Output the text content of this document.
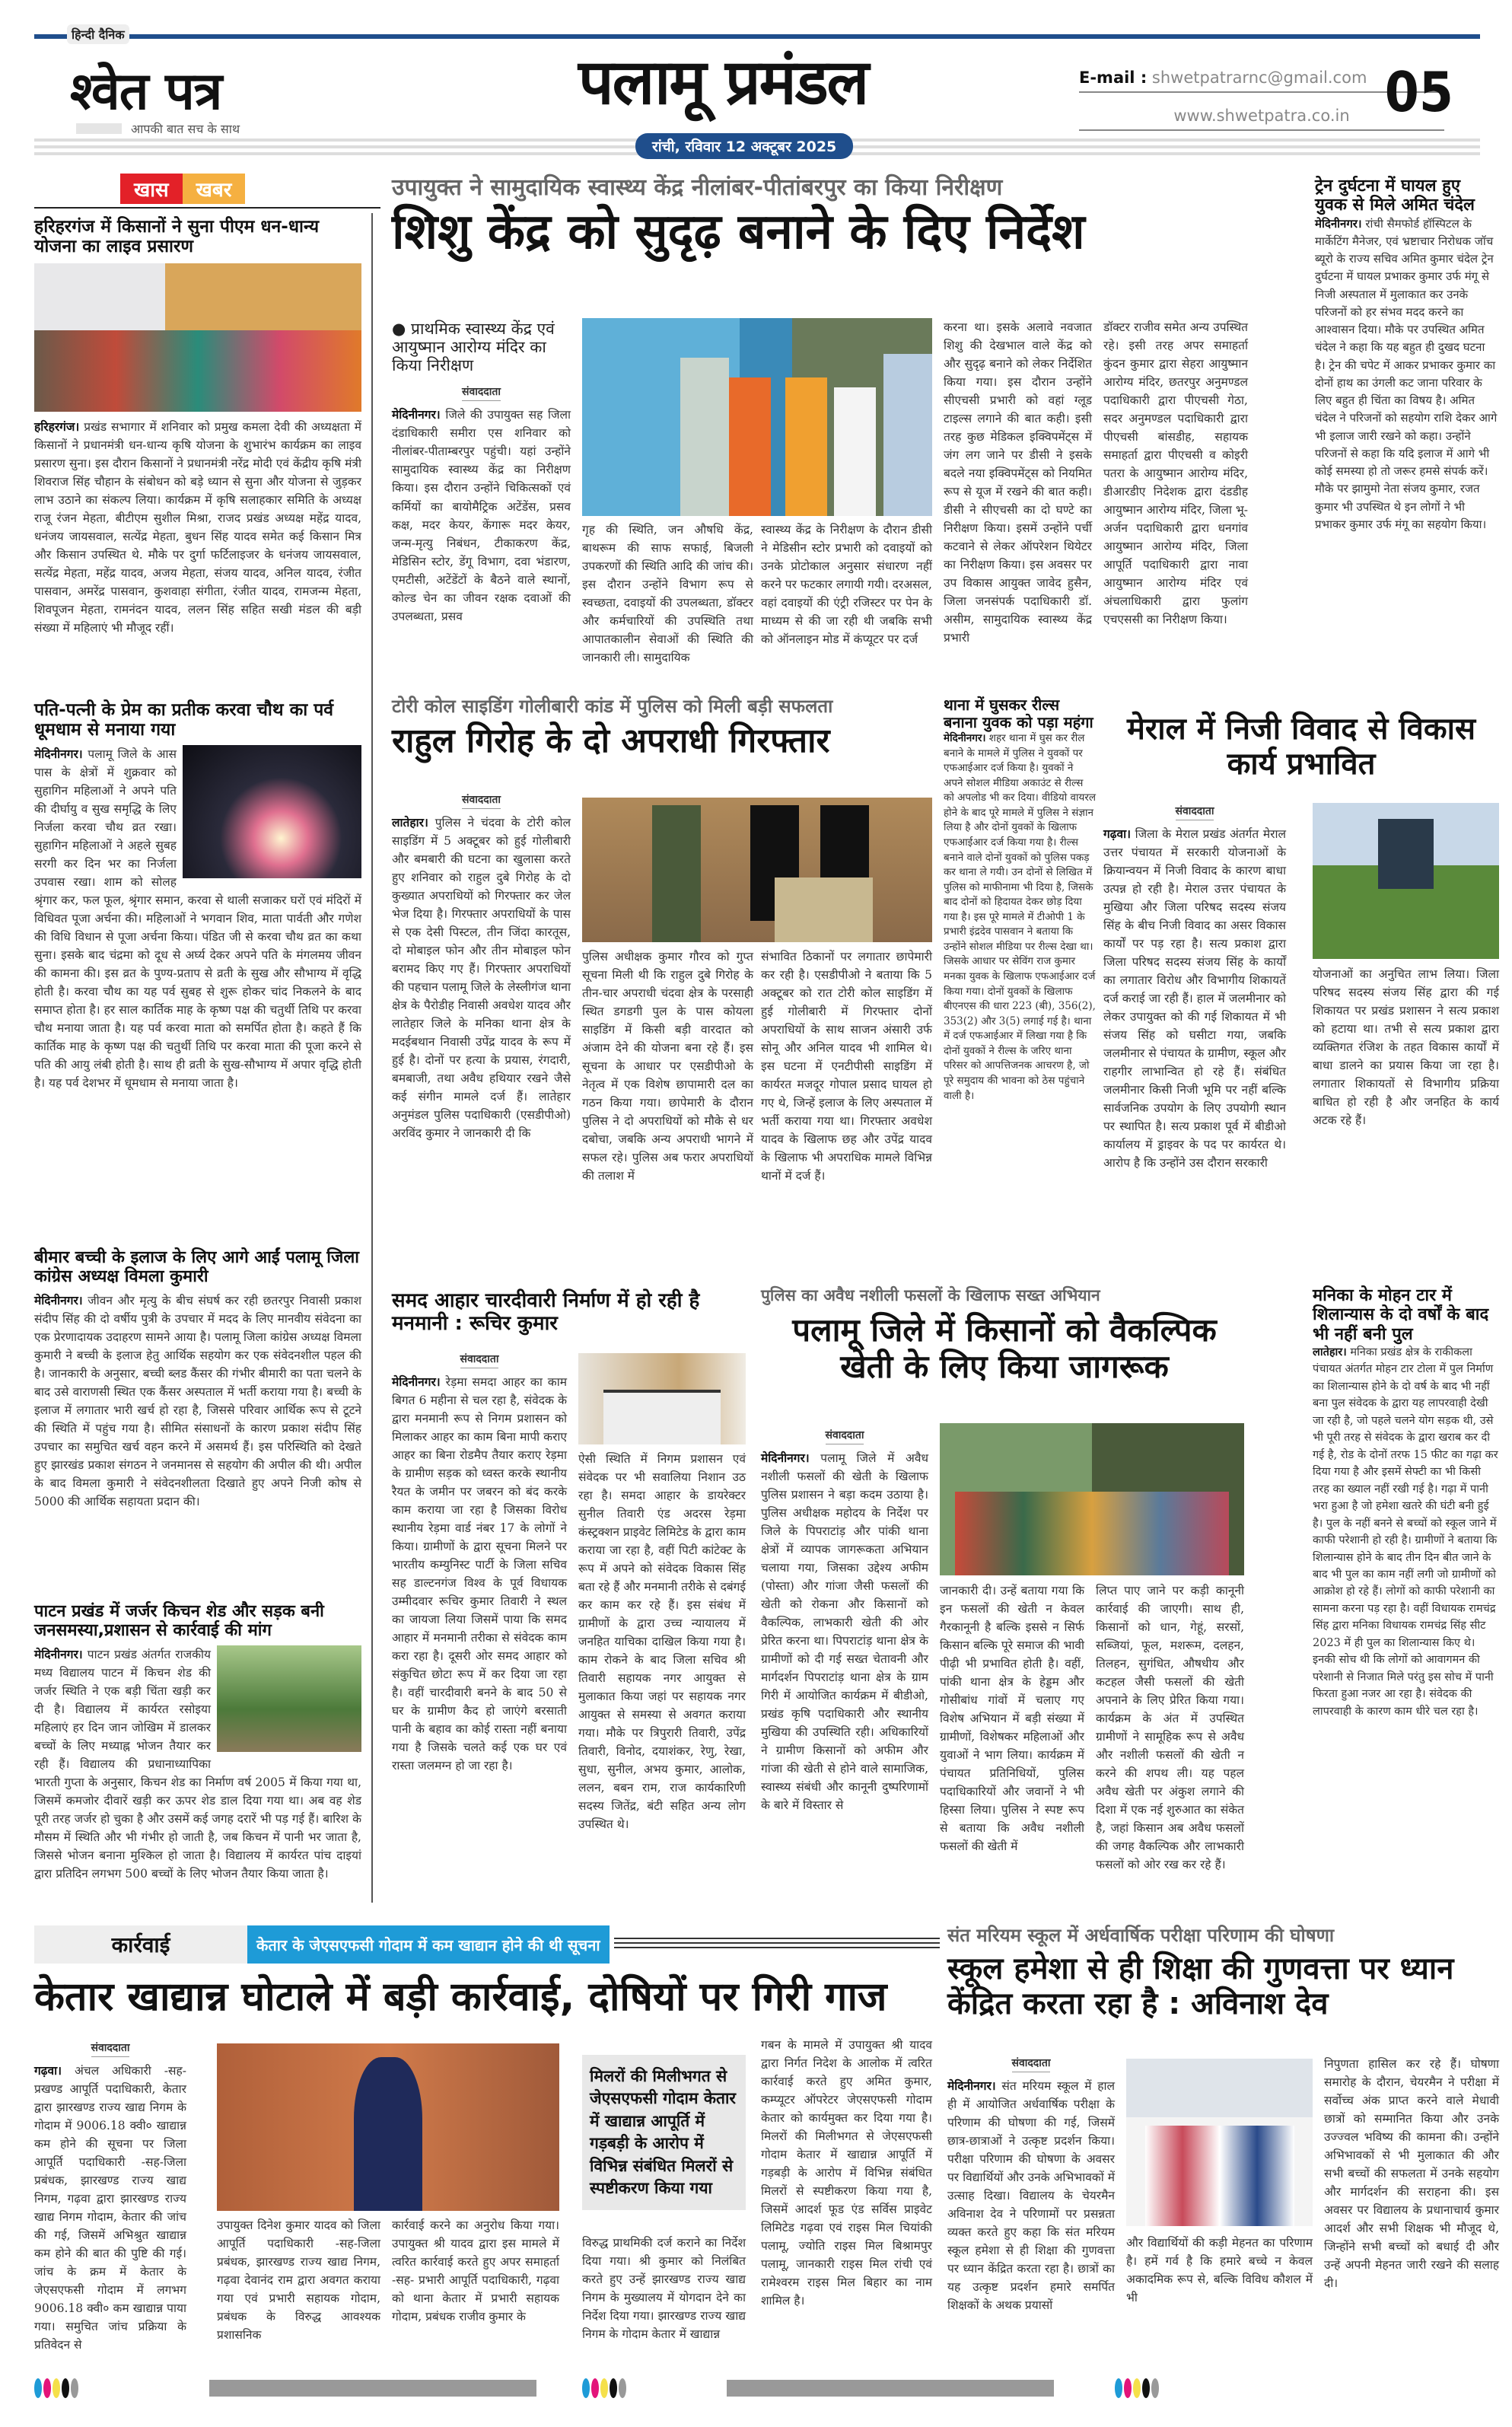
हिन्दी दैनिक
श्वेत पत्र
आपकी बात सच के साथ
पलामू प्रमंडल
रांची, रविवार 12 अक्टूबर 2025
E-mail : shwetpatrarnc@gmail.com
www.shwetpatra.co.in 05
खास	खबर
हरिहरगंज में किसानों ने सुना पीएम धन-धान्य योजना का लाइव प्रसारण
हरिहरगंज। प्रखंड सभागार में शनिवार को प्रमुख कमला देवी की अध्यक्षता में किसानों ने प्रधानमंत्री धन-धान्य कृषि योजना के शुभारंभ कार्यक्रम का लाइव प्रसारण सुना। इस दौरान किसानों ने प्रधानमंत्री नरेंद्र मोदी एवं केंद्रीय कृषि मंत्री शिवराज सिंह चौहान के संबोधन को बड़े ध्यान से सुना और योजना से जुड़कर लाभ उठाने का संकल्प लिया। कार्यक्रम में कृषि सलाहकार समिति के अध्यक्ष राजू रंजन मेहता, बीटीएम सुशील मिश्रा, राजद प्रखंड अध्यक्ष महेंद्र यादव, धनंजय जायसवाल, सत्येंद्र मेहता, बुधन सिंह यादव समेत कई किसान मित्र और किसान उपस्थित थे. मौके पर दुर्गा फर्टिलाइजर के धनंजय जायसवाल, सत्येंद्र मेहता, महेंद्र यादव, अजय मेहता, संजय यादव, अनिल यादव, रंजीत पासवान, अमरेंद्र पासवान, कुशवाहा संगीता, रंजीत यादव, रामजन्म मेहता, शिवपूजन मेहता, रामनंदन यादव, ललन सिंह सहित सखी मंडल की बड़ी संख्या में महिलाएं भी मौजूद रहीं।
पति-पत्नी के प्रेम का प्रतीक करवा चौथ का पर्व धूमधाम से मनाया गया
मेदिनीनगर। पलामू जिले के आस पास के क्षेत्रों में शुक्रवार को सुहागिन महिलाओं ने अपने पति की दीर्घायु व सुख समृद्धि के लिए निर्जला करवा चौथ व्रत रखा। सुहागिन महिलाओं ने अहले सुबह सरगी कर दिन भर का निर्जला उपवास रखा। शाम को सोलह श्रृंगार कर, फल फूल, श्रृंगार समान, करवा से थाली सजाकर घरों एवं मंदिरों में विधिवत पूजा अर्चना की। महिलाओं ने भगवान शिव, माता पार्वती और गणेश की विधि विधान से पूजा अर्चना किया। पंडित जी से करवा चौथ व्रत का कथा सुना। इसके बाद चंद्रमा को दूध से अर्घ्य देकर अपने पति के मंगलमय जीवन की कामना की। इस व्रत के पुण्य-प्रताप से व्रती के सुख और सौभाग्य में वृद्धि होती है। करवा चौथ का यह पर्व सुबह से शुरू होकर चांद निकलने के बाद समाप्त होता है। हर साल कार्तिक माह के कृष्ण पक्ष की चतुर्थी तिथि पर करवा चौथ मनाया जाता है। यह पर्व करवा माता को समर्पित होता है। कहते हैं कि कार्तिक माह के कृष्ण पक्ष की चतुर्थी तिथि पर करवा माता की पूजा करने से पति की आयु लंबी होती है। साथ ही व्रती के सुख-सौभाग्य में अपार वृद्धि होती है। यह पर्व देशभर में धूमधाम से मनाया जाता है।
बीमार बच्ची के इलाज के लिए आगे आईं पलामू जिला कांग्रेस अध्यक्ष विमला कुमारी
मेदिनीनगर। जीवन और मृत्यु के बीच संघर्ष कर रही छतरपुर निवासी प्रकाश संदीप सिंह की दो वर्षीय पुत्री के उपचार में मदद के लिए मानवीय संवेदना का एक प्रेरणादायक उदाहरण सामने आया है। पलामू जिला कांग्रेस अध्यक्ष विमला कुमारी ने बच्ची के इलाज हेतु आर्थिक सहयोग कर एक संवेदनशील पहल की है। जानकारी के अनुसार, बच्ची ब्लड कैंसर की गंभीर बीमारी का पता चलने के बाद उसे वाराणसी स्थित एक कैंसर अस्पताल में भर्ती कराया गया है। बच्ची के इलाज में लगातार भारी खर्च हो रहा है, जिससे परिवार आर्थिक रूप से टूटने की स्थिति में पहुंच गया है। सीमित संसाधनों के कारण प्रकाश संदीप सिंह उपचार का समुचित खर्च वहन करने में असमर्थ हैं। इस परिस्थिति को देखते हुए झारखंड प्रकाश संगठन ने जनमानस से सहयोग की अपील की थी। अपील के बाद विमला कुमारी ने संवेदनशीलता दिखाते हुए अपने निजी कोष से 5000 की आर्थिक सहायता प्रदान की।
पाटन प्रखंड में जर्जर किचन शेड और सड़क बनी जनसमस्या,प्रशासन से कार्रवाई की मांग
मेदिनीनगर। पाटन प्रखंड अंतर्गत राजकीय मध्य विद्यालय पाटन में किचन शेड की जर्जर स्थिति ने एक बड़ी चिंता खड़ी कर दी है। विद्यालय में कार्यरत रसोइया महिलाएं हर दिन जान जोखिम में डालकर बच्चों के लिए मध्याह्न भोजन तैयार कर रही हैं। विद्यालय की प्रधानाध्यापिका भारती गुप्ता के अनुसार, किचन शेड का निर्माण वर्ष 2005 में किया गया था, जिसमें कमजोर दीवारें खड़ी कर ऊपर शेड डाल दिया गया था। अब वह शेड पूरी तरह जर्जर हो चुका है और उसमें कई जगह दरारें भी पड़ गई हैं। बारिश के मौसम में स्थिति और भी गंभीर हो जाती है, जब किचन में पानी भर जाता है, जिससे भोजन बनाना मुश्किल हो जाता है। विद्यालय में कार्यरत पांच दाइयां द्वारा प्रतिदिन लगभग 500 बच्चों के लिए भोजन तैयार किया जाता है।
उपायुक्त ने सामुदायिक स्वास्थ्य केंद्र नीलांबर-पीतांबरपुर का किया निरीक्षण
शिशु केंद्र को सुदृढ़ बनाने के दिए निर्देश
● प्राथमिक स्वास्थ्य केंद्र एवं आयुष्मान आरोग्य मंदिर का किया निरीक्षण
संवाददाता
मेदिनीनगर। जिले की उपायुक्त सह जिला दंडाधिकारी समीरा एस शनिवार को नीलांबर-पीताम्बरपुर पहुंची। यहां उन्होंने सामुदायिक स्वास्थ्य केंद्र का निरीक्षण किया। इस दौरान उन्होंने चिकित्सकों एवं कर्मियों का बायोमैट्रिक अटेंडेंस, प्रसव कक्ष, मदर केयर, केंगारू मदर केयर, जन्म-मृत्यु निबंधन, टीकाकरण केंद्र, मेडिसिन स्टोर, डेंगू विभाग, दवा भंडारण, एमटीसी, अटेंडेंटों के बैठने वाले स्थानों, कोल्ड चेन का जीवन रक्षक दवाओं की उपलब्धता, प्रसव
गृह की स्थिति, जन औषधि केंद्र, बाथरूम की साफ सफाई, बिजली उपकरणों की स्थिति आदि की जांच की। इस दौरान उन्होंने विभाग रूप से स्वच्छता, दवाइयों की उपलब्धता, डॉक्टर और कर्मचारियों की उपस्थिति तथा आपातकालीन सेवाओं की स्थिति की जानकारी ली। सामुदायिक
स्वास्थ्य केंद्र के निरीक्षण के दौरान डीसी ने मेडिसीन स्टोर प्रभारी को दवाइयों को उनके प्रोटोकाल अनुसार संधारण नहीं करने पर फटकार लगायी गयी। दरअसल, वहां दवाइयों की एंट्री रजिस्टर पर पेन के माध्यम से की जा रही थी जबकि सभी को ऑनलाइन मोड में कंप्यूटर पर दर्ज
करना था। इसके अलावे नवजात शिशु की देखभाल वाले केंद्र को और सुदृढ़ बनाने को लेकर निर्देशित किया गया। इस दौरान उन्होंने सीएचसी प्रभारी को वहां ग्लूड टाइल्स लगाने की बात कही। इसी तरह कुछ मेडिकल इक्विपमेंट्स में जंग लग जाने पर डीसी ने इसके बदले नया इक्विपमेंट्स को नियमित रूप से यूज में रखने की बात कही। डीसी ने सीएचसी का दो घण्टे का निरीक्षण किया। इसमें उन्होंने पर्ची कटवाने से लेकर ऑपरेशन थियेटर का निरीक्षण किया। इस अवसर पर उप विकास आयुक्त जावेद हुसैन, जिला जनसंपर्क पदाधिकारी डॉ. असीम, सामुदायिक स्वास्थ्य केंद्र प्रभारी
डॉक्टर राजीव समेत अन्य उपस्थित रहे। इसी तरह अपर समाहर्ता कुंदन कुमार द्वारा सेहरा आयुष्मान आरोग्य मंदिर, छतरपुर अनुमण्डल पदाधिकारी द्वारा पीएचसी गेठा, सदर अनुमण्डल पदाधिकारी द्वारा पीएचसी बांसडीह, सहायक समाहर्ता द्वारा पीएचसी व कोइरी पतरा के आयुष्मान आरोग्य मंदिर, डीआरडीए निदेशक द्वारा दंडडीह आयुष्मान आरोग्य मंदिर, जिला भू-अर्जन पदाधिकारी द्वारा धनगांव आयुष्मान आरोग्य मंदिर, जिला आपूर्ति पदाधिकारी द्वारा नावा आयुष्मान आरोग्य मंदिर एवं अंचलाधिकारी द्वारा फुलांग एचएससी का निरीक्षण किया।
ट्रेन दुर्घटना में घायल हुए युवक से मिले अमित चंदेल
मेदिनीनगर। रांची सैमफोर्ड हॉस्पिटल के मार्केटिंग मैनेजर, एवं भ्रष्टाचार निरोधक जॉच ब्यूरो के राज्य सचिव अमित कुमार चंदेल ट्रेन दुर्घटना में घायल प्रभाकर कुमार उर्फ मंगू से निजी अस्पताल में मुलाकात कर उनके परिजनों को हर संभव मदद करने का आश्वासन दिया। मौके पर उपस्थित अमित चंदेल ने कहा कि यह बहुत ही दुखद घटना है। ट्रेन की चपेट में आकर प्रभाकर कुमार का दोनों हाथ का उंगली कट जाना परिवार के लिए बहुत ही चिंता का विषय है। अमित चंदेल ने परिजनों को सहयोग राशि देकर आगे भी इलाज जारी रखने को कहा। उन्होंने परिजनों से कहा कि यदि इलाज में आगे भी कोई समस्या हो तो जरूर हमसे संपर्क करें। मौके पर झामुमो नेता संजय कुमार, रजत कुमार भी उपस्थित थे इन लोगों ने भी प्रभाकर कुमार उर्फ मंगू का सहयोग किया।
टोरी कोल साइडिंग गोलीबारी कांड में पुलिस को मिली बड़ी सफलता
राहुल गिरोह के दो अपराधी गिरफ्तार
संवाददाता
लातेहार। पुलिस ने चंदवा के टोरी कोल साइडिंग में 5 अक्टूबर को हुई गोलीबारी और बमबारी की घटना का खुलासा करते हुए शनिवार को राहुल दुबे गिरोह के दो कुख्यात अपराधियों को गिरफ्तार कर जेल भेज दिया है। गिरफ्तार अपराधियों के पास से एक देसी पिस्टल, तीन जिंदा कारतूस, दो मोबाइल फोन और तीन मोबाइल फोन बरामद किए गए हैं। गिरफ्तार अपराधियों की पहचान पलामू जिले के लेस्लीगंज थाना क्षेत्र के पैरोडीह निवासी अवधेश यादव और लातेहार जिले के मनिका थाना क्षेत्र के मदईबथान निवासी उपेंद्र यादव के रूप में हुई है। दोनों पर हत्या के प्रयास, रंगदारी, बमबाजी, तथा अवैध हथियार रखने जैसे कई संगीन मामले दर्ज हैं। लातेहार अनुमंडल पुलिस पदाधिकारी (एसडीपीओ) अरविंद कुमार ने जानकारी दी कि
पुलिस अधीक्षक कुमार गौरव को गुप्त सूचना मिली थी कि राहुल दुबे गिरोह के तीन-चार अपराधी चंदवा क्षेत्र के परसाही स्थित डगडगी पुल के पास कोयला साइडिंग में किसी बड़ी वारदात को अंजाम देने की योजना बना रहे हैं। इस सूचना के आधार पर एसडीपीओ के नेतृत्व में एक विशेष छापामारी दल का गठन किया गया। छापेमारी के दौरान पुलिस ने दो अपराधियों को मौके से धर दबोचा, जबकि अन्य अपराधी भागने में सफल रहे। पुलिस अब फरार अपराधियों की तलाश में
संभावित ठिकानों पर लगातार छापेमारी कर रही है। एसडीपीओ ने बताया कि 5 अक्टूबर को रात टोरी कोल साइडिंग में हुई गोलीबारी में गिरफ्तार दोनों अपराधियों के साथ साजन अंसारी उर्फ सोनू और अनिल यादव भी शामिल थे। इस घटना में एनटीपीसी साइडिंग में कार्यरत मजदूर गोपाल प्रसाद घायल हो गए थे, जिन्हें इलाज के लिए अस्पताल में भर्ती कराया गया था। गिरफ्तार अवधेश यादव के खिलाफ छह और उपेंद्र यादव के खिलाफ भी अपराधिक मामले विभिन्न थानों में दर्ज हैं।
थाना में घुसकर रील्स बनाना युवक को पड़ा महंगा
मेदिनीनगर। शहर थाना में घुस कर रील बनाने के मामले में पुलिस ने युवकों पर एफआईआर दर्ज किया है। युवकों ने अपने सोशल मीडिया अकाउंट से रील्स को अपलोड भी कर दिया। वीडियो वायरल होने के बाद पूरे मामले में पुलिस ने संज्ञान लिया है और दोनों युवकों के खिलाफ एफआईआर दर्ज किया गया है। रील्स बनाने वाले दोनों युवकों को पुलिस पकड़ कर थाना ले गयी। उन दोनों से लिखित में पुलिस को माफीनामा भी दिया है, जिसके बाद दोनों को हिदायत देकर छोड़ दिया गया है। इस पूरे मामले में टीओपी 1 के प्रभारी इंद्रदेव पासवान ने बताया कि उन्होंने सोशल मीडिया पर रील्स देखा था। जिसके आधार पर सेविंग राज कुमार मनका युवक के खिलाफ एफआईआर दर्ज किया गया। दोनों युवकों के खिलाफ बीएनएस की धारा 223 (बी), 356(2), 353(2) और 3(5) लगाई गई है। थाना में दर्ज एफआईआर में लिखा गया है कि दोनों युवकों ने रील्स के जरिए थाना परिसर को आपत्तिजनक आचरण है, जो पूरे समुदाय की भावना को ठेस पहुंचाने वाली है।
मेराल में निजी विवाद से विकास कार्य प्रभावित
संवाददाता
गढ़वा। जिला के मेराल प्रखंड अंतर्गत मेराल उत्तर पंचायत में सरकारी योजनाओं के क्रियान्वयन में निजी विवाद के कारण बाधा उत्पन्न हो रही है। मेराल उत्तर पंचायत के मुखिया और जिला परिषद सदस्य संजय सिंह के बीच निजी विवाद का असर विकास कार्यों पर पड़ रहा है। सत्य प्रकाश द्वारा जिला परिषद सदस्य संजय सिंह के कार्यों का लगातार विरोध और विभागीय शिकायतें दर्ज कराई जा रही हैं। हाल में जलमीनार को लेकर उपायुक्त को की गई शिकायत में भी संजय सिंह को घसीटा गया, जबकि जलमीनार से पंचायत के ग्रामीण, स्कूल और राहगीर लाभान्वित हो रहे हैं। संबंधित जलमीनार किसी निजी भूमि पर नहीं बल्कि सार्वजनिक उपयोग के लिए उपयोगी स्थान पर स्थापित है। सत्य प्रकाश पूर्व में बीडीओ कार्यालय में ड्राइवर के पद पर कार्यरत थे। आरोप है कि उन्होंने उस दौरान सरकारी
योजनाओं का अनुचित लाभ लिया। जिला परिषद सदस्य संजय सिंह द्वारा की गई शिकायत पर प्रखंड प्रशासन ने सत्य प्रकाश को हटाया था। तभी से सत्य प्रकाश द्वारा व्यक्तिगत रंजिश के तहत विकास कार्यों में बाधा डालने का प्रयास किया जा रहा है। लगातार शिकायतों से विभागीय प्रक्रिया बाधित हो रही है और जनहित के कार्य अटक रहे हैं।
समद आहार चारदीवारी निर्माण में हो रही है मनमानी : रूचिर कुमार
संवाददाता
मेदिनीनगर। रेड़मा समदा आहर का काम बिगत 6 महीना से चल रहा है, संवेदक के द्वारा मनमानी रूप से निगम प्रशासन को मिलाकर आहर का काम बिना मापी कराए आहर का बिना रोडमैप तैयार कराए रेड़मा के ग्रामीण सड़क को ध्वस्त करके स्थानीय रैयत के जमीन पर जबरन को बंद करके काम कराया जा रहा है जिसका विरोध स्थानीय रेड़मा वार्ड नंबर 17 के लोगों ने किया। ग्रामीणों के द्वारा सूचना मिलने पर भारतीय कम्युनिस्ट पार्टी के जिला सचिव सह डाल्टनगंज विश्व के पूर्व विधायक उम्मीदवार रूचिर कुमार तिवारी ने स्थल का जायजा लिया जिसमें पाया कि समद आहार में मनमानी तरीका से संवेदक काम करा रहा है। दूसरी ओर समद आहार को संकुचित छोटा रूप में कर दिया जा रहा है। वहीं चारदीवारी बनने के बाद 50 से घर के ग्रामीण कैद हो जाएंगे बरसाती पानी के बहाव का कोई रास्ता नहीं बनाया गया है जिसके चलते कई एक घर एवं रास्ता जलमग्न हो जा रहा है।
ऐसी स्थिति में निगम प्रशासन एवं संवेदक पर भी सवालिया निशान उठ रहा है। समदा आहार के डायरेक्टर सुनील तिवारी एंड अदरस रेड़मा कंस्ट्रक्शन प्राइवेट लिमिटेड के द्वारा काम कराया जा रहा है, वहीं पिटी कांटेक्ट के रूप में अपने को संवेदक विकास सिंह बता रहे हैं और मनमानी तरीके से दबंगई कर काम कर रहे हैं। इस संबंध में ग्रामीणों के द्वारा उच्च न्यायालय में जनहित याचिका दाखिल किया गया है। काम रोकने के बाद जिला सचिव श्री तिवारी सहायक नगर आयुक्त से मुलाकात किया जहां पर सहायक नगर आयुक्त से समस्या से अवगत कराया गया। मौके पर त्रिपुरारी तिवारी, उपेंद्र तिवारी, विनोद, दयाशंकर, रेणु, रेखा, सुधा, सुनील, अभय कुमार, आलोक, ललन, बबन राम, राज कार्यकारिणी सदस्य जितेंद्र, बंटी सहित अन्य लोग उपस्थित थे।
पुलिस का अवैध नशीली फसलों के खिलाफ सख्त अभियान
पलामू जिले में किसानों को वैकल्पिक खेती के लिए किया जागरूक
संवाददाता
मेदिनीनगर। पलामू जिले में अवैध नशीली फसलों की खेती के खिलाफ पुलिस प्रशासन ने बड़ा कदम उठाया है। पुलिस अधीक्षक महोदय के निर्देश पर जिले के पिपराटांड़ और पांकी थाना क्षेत्रों में व्यापक जागरूकता अभियान चलाया गया, जिसका उद्देश्य अफीम (पोस्ता) और गांजा जैसी फसलों की खेती को रोकना और किसानों को वैकल्पिक, लाभकारी खेती की ओर प्रेरित करना था। पिपराटांड़ थाना क्षेत्र के ग्रामीणों को दी गई सख्त चेतावनी और मार्गदर्शन पिपराटांड़ थाना क्षेत्र के ग्राम गिरी में आयोजित कार्यक्रम में बीडीओ, प्रखंड कृषि पदाधिकारी और स्थानीय मुखिया की उपस्थिति रही। अधिकारियों ने ग्रामीण किसानों को अफीम और गांजा की खेती से होने वाले सामाजिक, स्वास्थ्य संबंधी और कानूनी दुष्परिणामों के बारे में विस्तार से
जानकारी दी। उन्हें बताया गया कि इन फसलों की खेती न केवल गैरकानूनी है बल्कि इससे न सिर्फ किसान बल्कि पूरे समाज की भावी पीढ़ी भी प्रभावित होती है। वहीं, पांकी थाना क्षेत्र के हेड्डम और गोसीबांध गांवों में चलाए गए विशेष अभियान में बड़ी संख्या में ग्रामीणों, विशेषकर महिलाओं और युवाओं ने भाग लिया। कार्यक्रम में पंचायत प्रतिनिधियों, पुलिस पदाधिकारियों और जवानों ने भी हिस्सा लिया। पुलिस ने स्पष्ट रूप से बताया कि अवैध नशीली फसलों की खेती में
लिप्त पाए जाने पर कड़ी कानूनी कार्रवाई की जाएगी। साथ ही, किसानों को धान, गेहूं, सरसों, सब्जियां, फूल, मशरूम, दलहन, तिलहन, सुगंधित, औषधीय और कटहल जैसी फसलों की खेती अपनाने के लिए प्रेरित किया गया। कार्यक्रम के अंत में उपस्थित ग्रामीणों ने सामूहिक रूप से अवैध और नशीली फसलों की खेती न करने की शपथ ली। यह पहल अवैध खेती पर अंकुश लगाने की दिशा में एक नई शुरुआत का संकेत है, जहां किसान अब अवैध फसलों की जगह वैकल्पिक और लाभकारी फसलों को ओर रख कर रहे हैं।
मनिका के मोहन टार में शिलान्यास के दो वर्षों के बाद भी नहीं बनी पुल
लातेहार। मनिका प्रखंड क्षेत्र के राकीकला पंचायत अंतर्गत मोहन टार टोला में पुल निर्माण का शिलान्यास होने के दो वर्ष के बाद भी नहीं बना पुल संवेदक के द्वारा यह लापरवाही देखी जा रही है, जो पहले चलने योग सड़क थी, उसे भी पूरी तरह से संवेदक के द्वारा खराब कर दी गई है, रोड के दोनों तरफ 15 फीट का गढ़ा कर दिया गया है और इसमें सेफ्टी का भी किसी तरह का ख्याल नहीं रखी गई है। गढ़ा में पानी भरा हुआ है जो हमेशा खतरे की घंटी बनी हुई है। पुल के नहीं बनने से बच्चों को स्कूल जाने में काफी परेशानी हो रही है। ग्रामीणों ने बताया कि शिलान्यास होने के बाद तीन दिन बीत जाने के बाद भी पुल का काम नहीं लगी जो ग्रामीणों को आक्रोश हो रहे हैं। लोगों को काफी परेशानी का सामना करना पड़ रहा है। वहीं विधायक रामचंद्र सिंह द्वारा मनिका विधायक रामचंद्र सिंह सीट 2023 में ही पुल का शिलान्यास किए थे। इनकी सोच थी कि लोगों को आवागमन की परेशानी से निजात मिले परंतु इस सोच में पानी फिरता हुआ नजर आ रहा है। संवेदक की लापरवाही के कारण काम धीरे चल रहा है।
कार्रवाई	केतार के जेएसएफसी गोदाम में कम खाद्यान होने की थी सूचना
केतार खाद्यान्न घोटाले में बड़ी कार्रवाई, दोषियों पर गिरी गाज
संवाददाता
गढ़वा। अंचल अधिकारी -सह-प्रखण्ड आपूर्ति पदाधिकारी, केतार द्वारा झारखण्ड राज्य खाद्य निगम के गोदाम में 9006.18 क्वी० खाद्यान्न कम होने की सूचना पर जिला आपूर्ति पदाधिकारी -सह-जिला प्रबंधक, झारखण्ड राज्य खाद्य निगम, गढ़वा द्वारा झारखण्ड राज्य खाद्य निगम गोदाम, केतार की जांच की गई, जिसमें अभिश्रुत खाद्यान्न कम होने की बात की पुष्टि की गई। जांच के क्रम में केतार के जेएसएफसी गोदाम में लगभग 9006.18 क्वी० कम खाद्यान्न पाया गया। समुचित जांच प्रक्रिया के प्रतिवेदन से
उपायुक्त दिनेश कुमार यादव को जिला आपूर्ति पदाधिकारी -सह-जिला प्रबंधक, झारखण्ड राज्य खाद्य निगम, गढ़वा देवानंद राम द्वारा अवगत कराया गया एवं प्रभारी सहायक गोदाम, प्रबंधक के विरुद्ध आवश्यक प्रशासनिक
कार्रवाई करने का अनुरोध किया गया। उपायुक्त श्री यादव द्वारा इस मामले में त्वरित कार्रवाई करते हुए अपर समाहर्ता -सह- प्रभारी आपूर्ति पदाधिकारी, गढ़वा को थाना केतार में प्रभारी सहायक गोदाम, प्रबंधक राजीव कुमार के
मिलरों की मिलीभगत से जेएसएफसी गोदाम केतार में खाद्यान्न आपूर्ति में गड़बड़ी के आरोप में विभिन्न संबंधित मिलरों से स्पष्टीकरण किया गया
विरुद्ध प्राथमिकी दर्ज कराने का निर्देश दिया गया। श्री कुमार को निलंबित करते हुए उन्हें झारखण्ड राज्य खाद्य निगम के मुख्यालय में योगदान देने का निर्देश दिया गया। झारखण्ड राज्य खाद्य निगम के गोदाम केतार में खाद्यान्न
गबन के मामले में उपायुक्त श्री यादव द्वारा निर्गत निदेश के आलोक में त्वरित कार्रवाई करते हुए अमित कुमार, कम्प्यूटर ऑपरेटर जेएसएफसी गोदाम केतार को कार्यमुक्त कर दिया गया है। मिलरों की मिलीभगत से जेएसएफसी गोदाम केतार में खाद्यान्न आपूर्ति में गड़बड़ी के आरोप में विभिन्न संबंधित मिलरों से स्पष्टीकरण किया गया है, जिसमें आदर्श फूड एंड सर्विस प्राइवेट लिमिटेड गढ़वा एवं राइस मिल चियांकी पलामू, ज्योति राइस मिल बिश्रामपुर पलामू, जानकारी राइस मिल रांची एवं रामेश्वरम राइस मिल बिहार का नाम शामिल है।
संत मरियम स्कूल में अर्धवार्षिक परीक्षा परिणाम की घोषणा
स्कूल हमेशा से ही शिक्षा की गुणवत्ता पर ध्यान केंद्रित करता रहा है : अविनाश देव
संवाददाता
मेदिनीनगर। संत मरियम स्कूल में हाल ही में आयोजित अर्धवार्षिक परीक्षा के परिणाम की घोषणा की गई, जिसमें छात्र-छात्राओं ने उत्कृष्ट प्रदर्शन किया। परीक्षा परिणाम की घोषणा के अवसर पर विद्यार्थियों और उनके अभिभावकों में उत्साह दिखा। विद्यालय के चेयरमैन अविनाश देव ने परिणामों पर प्रसन्नता व्यक्त करते हुए कहा कि संत मरियम स्कूल हमेशा से ही शिक्षा की गुणवत्ता पर ध्यान केंद्रित करता रहा है। छात्रों का यह उत्कृष्ट प्रदर्शन हमारे समर्पित शिक्षकों के अथक प्रयासों
और विद्यार्थियों की कड़ी मेहनत का परिणाम है। हमें गर्व है कि हमारे बच्चे न केवल अकादमिक रूप से, बल्कि विविध कौशल में भी
निपुणता हासिल कर रहे हैं। घोषणा समारोह के दौरान, चेयरमैन ने परीक्षा में सर्वोच्च अंक प्राप्त करने वाले मेधावी छात्रों को सम्मानित किया और उनके उज्ज्वल भविष्य की कामना की। उन्होंने अभिभावकों से भी मुलाकात की और सभी बच्चों की सफलता में उनके सहयोग और मार्गदर्शन की सराहना की। इस अवसर पर विद्यालय के प्रधानाचार्य कुमार आदर्श और सभी शिक्षक भी मौजूद थे, जिन्होंने सभी बच्चों को बधाई दी और उन्हें अपनी मेहनत जारी रखने की सलाह दी।
